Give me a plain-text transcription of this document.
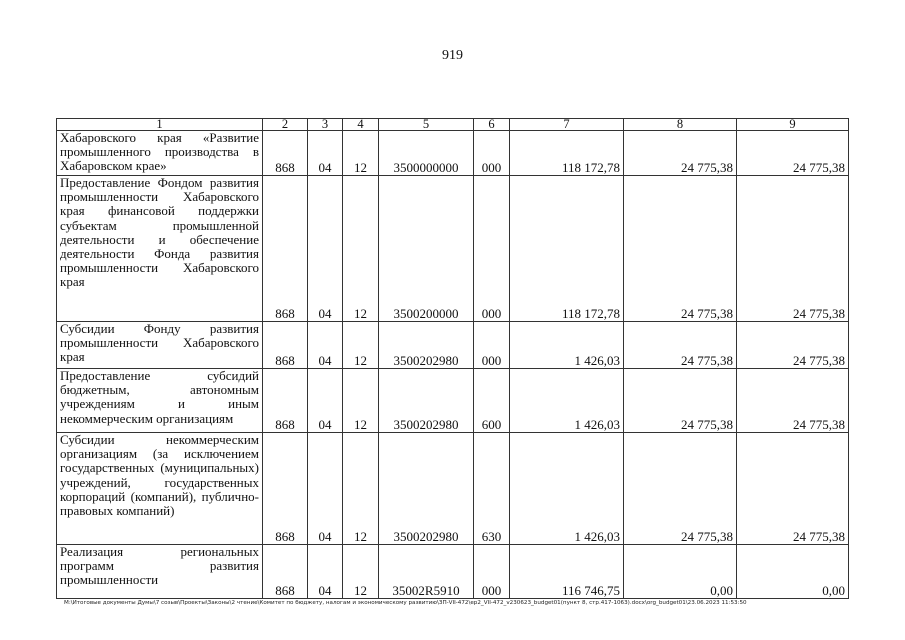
919
1	2	3	4	5	6	7	8	9
Хабаровского края «Развитие промышленного производства в Хабаровском крае»	868	04	12	3500000000	000	118 172,78	24 775,38	24 775,38
Предоставление Фондом развития промышленности Хабаровского края финансовой поддержки субъектам промышленной деятельности и обеспечение деятельности Фонда развития промышленности Хабаровского края	868	04	12	3500200000	000	118 172,78	24 775,38	24 775,38
Субсидии Фонду развития промышленности Хабаровского края	868	04	12	3500202980	000	1 426,03	24 775,38	24 775,38
Предоставление субсидий бюджетным, автономным учреждениям и иным некоммерческим организациям	868	04	12	3500202980	600	1 426,03	24 775,38	24 775,38
Субсидии некоммерческим организациям (за исключением государственных (муниципальных) учреждений, государственных корпораций (компаний), публично-правовых компаний)	868	04	12	3500202980	630	1 426,03	24 775,38	24 775,38
Реализация региональных программ развития промышленности	868	04	12	35002R5910	000	116 746,75	0,00	0,00
M:\Итоговые документы Думы\7 созыв\Проекты\Законы\2 чтение\Комитет по бюджету, налогам и экономическому развитию\ЗП-VII-472\ер2_VII-472_v230623_budget01(пункт 8, стр.417-1063).docx\org_budget01\23.06.2023 11:53:50
